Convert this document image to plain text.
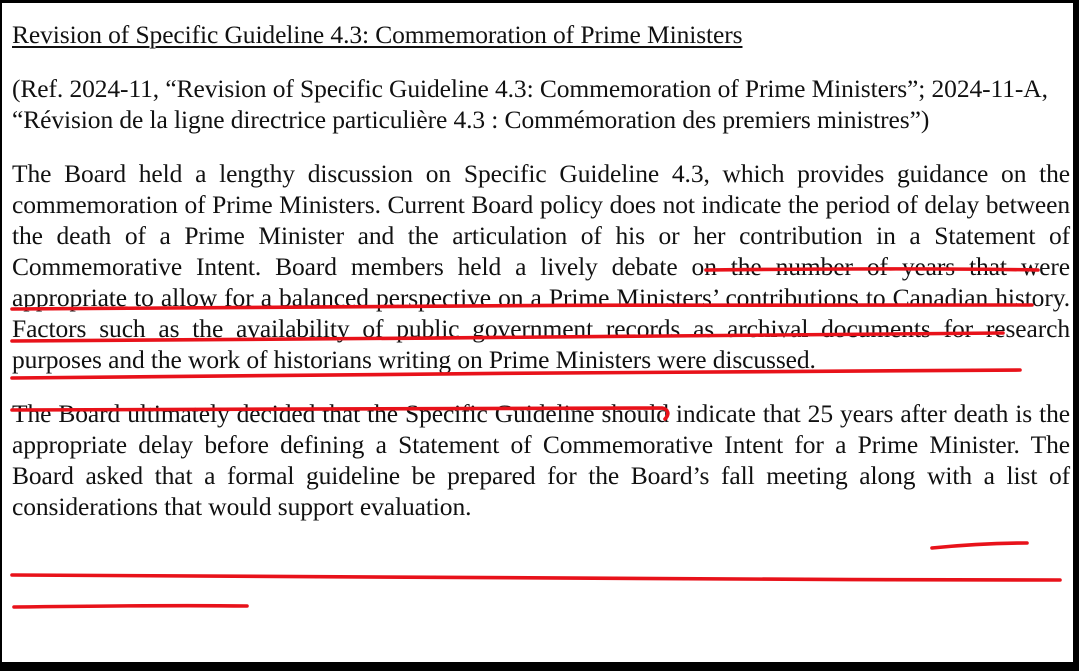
Revision of Specific Guideline 4.3: Commemoration of Prime Ministers

(Ref. 2024-11, “Revision of Specific Guideline 4.3: Commemoration of Prime Ministers”; 2024-11-A, “Révision de la ligne directrice particulière 4.3 : Commémoration des premiers ministres”)

The Board held a lengthy discussion on Specific Guideline 4.3, which provides guidance on the commemoration of Prime Ministers. Current Board policy does not indicate the period of delay between the death of a Prime Minister and the articulation of his or her contribution in a Statement of Commemorative Intent. Board members held a lively debate on the number of years that were appropriate to allow for a balanced perspective on a Prime Ministers’ contributions to Canadian history. Factors such as the availability of public government records as archival documents for research purposes and the work of historians writing on Prime Ministers were discussed.

The Board ultimately decided that the Specific Guideline should indicate that 25 years after death is the appropriate delay before defining a Statement of Commemorative Intent for a Prime Minister. The Board asked that a formal guideline be prepared for the Board’s fall meeting along with a list of considerations that would support evaluation.
